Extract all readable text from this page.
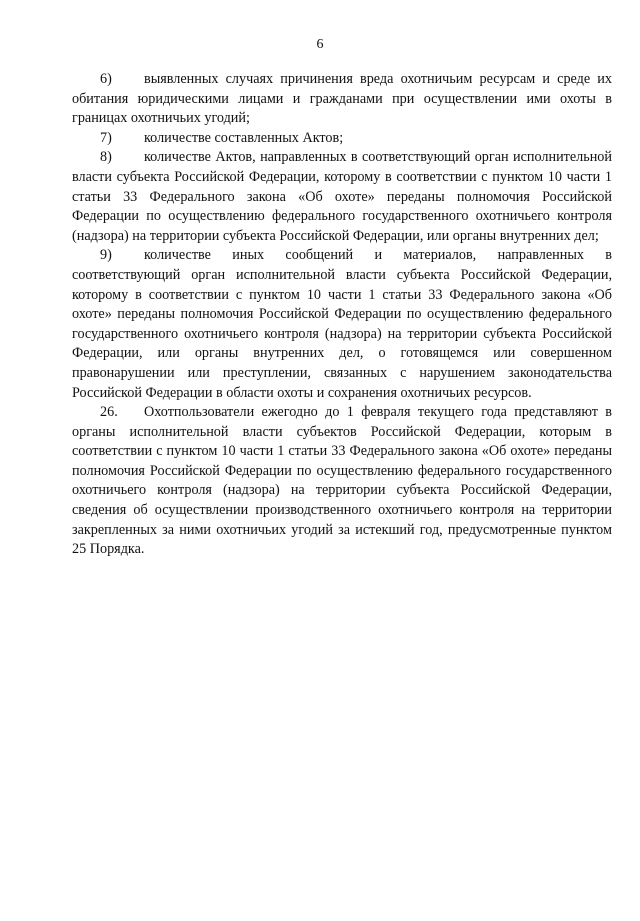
6

6) выявленных случаях причинения вреда охотничьим ресурсам и среде их обитания юридическими лицами и гражданами при осуществлении ими охоты в границах охотничьих угодий;

7) количестве составленных Актов;

8) количестве Актов, направленных в соответствующий орган исполнительной власти субъекта Российской Федерации, которому в соответствии с пунктом 10 части 1 статьи 33 Федерального закона «Об охоте» переданы полномочия Российской Федерации по осуществлению федерального государственного охотничьего контроля (надзора) на территории субъекта Российской Федерации, или органы внутренних дел;

9) количестве иных сообщений и материалов, направленных в соответствующий орган исполнительной власти субъекта Российской Федерации, которому в соответствии с пунктом 10 части 1 статьи 33 Федерального закона «Об охоте» переданы полномочия Российской Федерации по осуществлению федерального государственного охотничьего контроля (надзора) на территории субъекта Российской Федерации, или органы внутренних дел, о готовящемся или совершенном правонарушении или преступлении, связанных с нарушением законодательства Российской Федерации в области охоты и сохранения охотничьих ресурсов.

26. Охотпользователи ежегодно до 1 февраля текущего года представляют в органы исполнительной власти субъектов Российской Федерации, которым в соответствии с пунктом 10 части 1 статьи 33 Федерального закона «Об охоте» переданы полномочия Российской Федерации по осуществлению федерального государственного охотничьего контроля (надзора) на территории субъекта Российской Федерации, сведения об осуществлении производственного охотничьего контроля на территории закрепленных за ними охотничьих угодий за истекший год, предусмотренные пунктом 25 Порядка.
